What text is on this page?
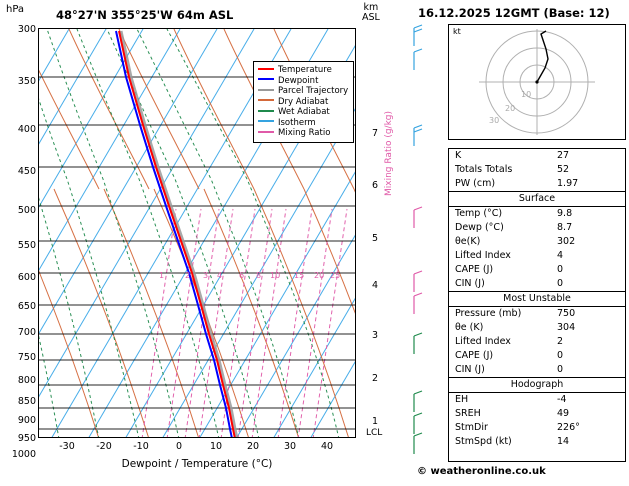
hPa	48°27'N 355°25'W 64m ASL
km
ASL
300
350
400
450
500
550
600
650
700
750
800
850
900
950
1000
-30	-20	-10	0	10	20	30	40
Dewpoint / Temperature (°C)
1	2 3 4 6 8 10 15 20 25
Temperature
Dewpoint
Parcel Trajectory
Dry Adiabat
Wet Adiabat
Isotherm
Mixing Ratio	7
6
5
4
3
2
1
Mixing Ratio (g/kg)
LCL
16.12.2025 12GMT (Base: 12)
kt
10
20
30
K	27
Totals Totals	52
PW (cm)	1.97
Surface
Temp (°C)	9.8
Dewp (°C)	8.7
θe(K)	302
Lifted Index	4
CAPE (J)	0
CIN (J)	0
Most Unstable
Pressure (mb)	750
θe (K)	304
Lifted Index	2
CAPE (J)	0
CIN (J)	0
Hodograph
EH	-4
SREH	49
StmDir	226°
StmSpd (kt)	14
© weatheronline.co.uk
